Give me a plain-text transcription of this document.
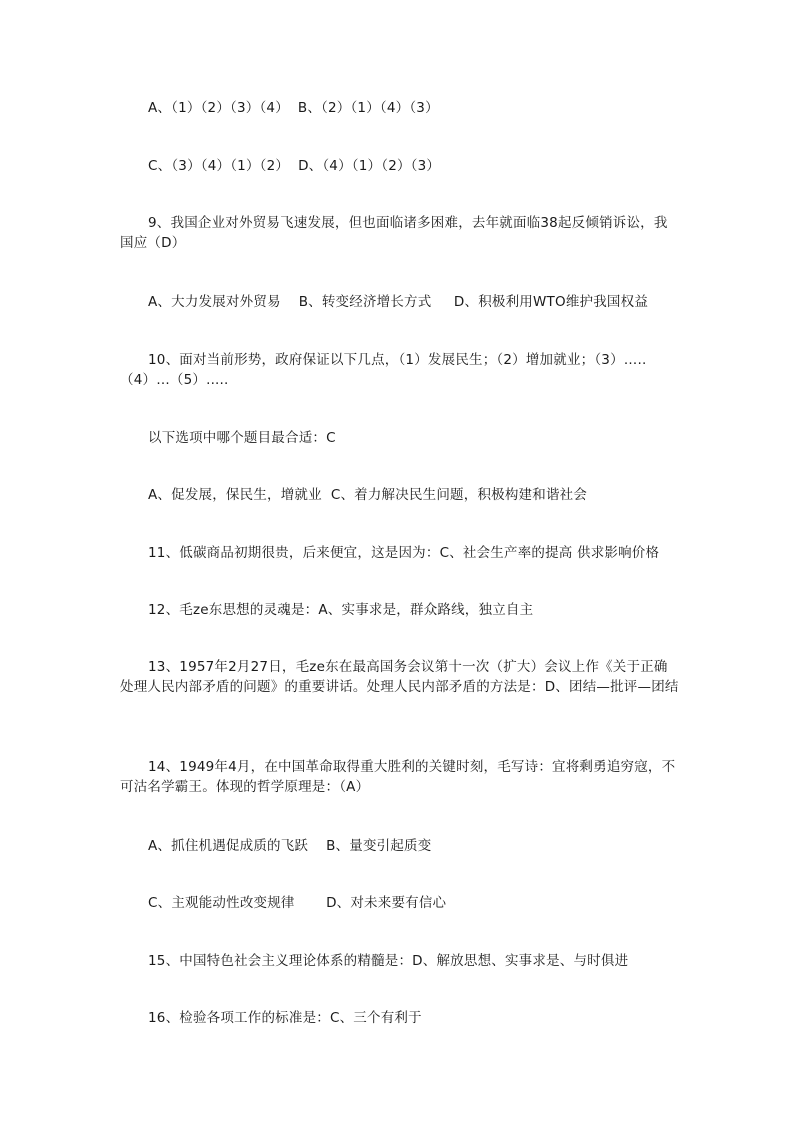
A、（1）（2）（3）（4）  B、（2）（1）（4）（3）
C、（3）（4）（1）（2）  D、（4）（1）（2）（3）
9、我国企业对外贸易飞速发展，但也面临诸多困难，去年就面临38起反倾销诉讼，我国应（D）
A、大力发展对外贸易    B、转变经济增长方式     D、积极利用WTO维护我国权益
10、面对当前形势，政府保证以下几点，（1）发展民生；（2）增加就业；（3）…..（4）…（5）.....
以下选项中哪个题目最合适：C
A、促发展，保民生，增就业  C、着力解决民生问题，积极构建和谐社会
11、低碳商品初期很贵，后来便宜，这是因为：C、社会生产率的提高 供求影响价格
12、毛ze东思想的灵魂是：A、实事求是，群众路线，独立自主
13、1957年2月27日，毛ze东在最高国务会议第十一次（扩大）会议上作《关于正确处理人民内部矛盾的问题》的重要讲话。处理人民内部矛盾的方法是：D、团结—批评—团结
14、1949年4月，在中国革命取得重大胜利的关键时刻，毛写诗：宜将剩勇追穷寇，不可沽名学霸王。体现的哲学原理是：（A）
A、抓住机遇促成质的飞跃    B、量变引起质变
C、主观能动性改变规律       D、对未来要有信心
15、中国特色社会主义理论体系的精髓是：D、解放思想、实事求是、与时俱进
16、检验各项工作的标准是：C、三个有利于
